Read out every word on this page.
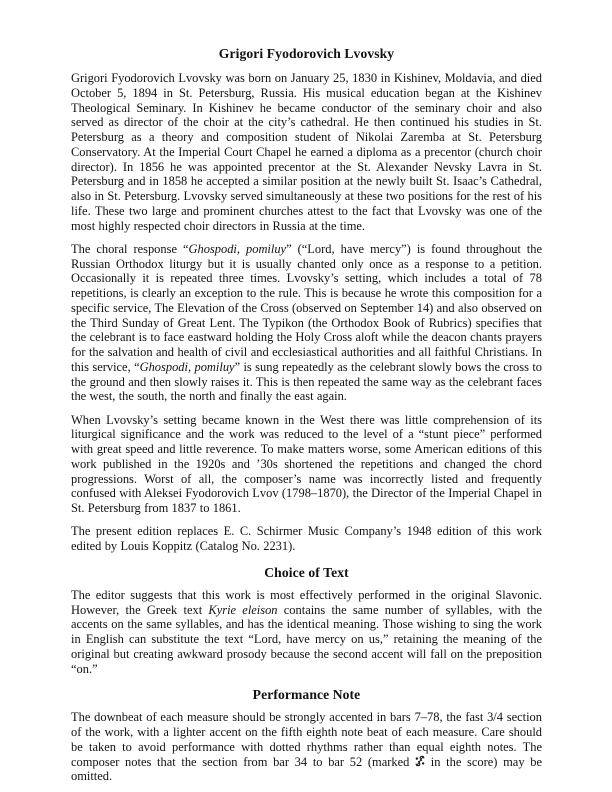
Grigori Fyodorovich Lvovsky

Grigori Fyodorovich Lvovsky was born on January 25, 1830 in Kishinev, Moldavia, and died October 5, 1894 in St. Petersburg, Russia. His musical education began at the Kishinev Theological Seminary. In Kishinev he became conductor of the seminary choir and also served as director of the choir at the city’s cathedral. He then continued his studies in St. Petersburg as a theory and composition student of Nikolai Zaremba at St. Petersburg Conservatory. At the Imperial Court Chapel he earned a diploma as a precentor (church choir director). In 1856 he was appointed precentor at the St. Alexander Nevsky Lavra in St. Petersburg and in 1858 he accepted a similar position at the newly built St. Isaac’s Cathedral, also in St. Petersburg. Lvovsky served simultaneously at these two positions for the rest of his life. These two large and prominent churches attest to the fact that Lvovsky was one of the most highly respected choir directors in Russia at the time.

The choral response “Ghospodi, pomiluy” (“Lord, have mercy”) is found throughout the Russian Orthodox liturgy but it is usually chanted only once as a response to a petition. Occasionally it is repeated three times. Lvovsky’s setting, which includes a total of 78 repetitions, is clearly an exception to the rule. This is because he wrote this composition for a specific service, The Elevation of the Cross (observed on September 14) and also observed on the Third Sunday of Great Lent. The Typikon (the Orthodox Book of Rubrics) specifies that the celebrant is to face eastward holding the Holy Cross aloft while the deacon chants prayers for the salvation and health of civil and ecclesiastical authorities and all faithful Christians. In this service, “Ghospodi, pomiluy” is sung repeatedly as the celebrant slowly bows the cross to the ground and then slowly raises it. This is then repeated the same way as the celebrant faces the west, the south, the north and finally the east again.

When Lvovsky’s setting became known in the West there was little comprehension of its liturgical significance and the work was reduced to the level of a “stunt piece” performed with great speed and little reverence. To make matters worse, some American editions of this work published in the 1920s and ’30s shortened the repetitions and changed the chord progressions. Worst of all, the composer’s name was incorrectly listed and frequently confused with Aleksei Fyodorovich Lvov (1798–1870), the Director of the Imperial Chapel in St. Petersburg from 1837 to 1861.

The present edition replaces E. C. Schirmer Music Company’s 1948 edition of this work edited by Louis Koppitz (Catalog No. 2231).

Choice of Text

The editor suggests that this work is most effectively performed in the original Slavonic. However, the Greek text Kyrie eleison contains the same number of syllables, with the accents on the same syllables, and has the identical meaning. Those wishing to sing the work in English can substitute the text “Lord, have mercy on us,” retaining the meaning of the original but creating awkward prosody because the second accent will fall on the preposition “on.”

Performance Note

The downbeat of each measure should be strongly accented in bars 7–78, the fast 3/4 section of the work, with a lighter accent on the fifth eighth note beat of each measure. Care should be taken to avoid performance with dotted rhythms rather than equal eighth notes. The composer notes that the section from bar 34 to bar 52 (marked  in the score) may be omitted.
